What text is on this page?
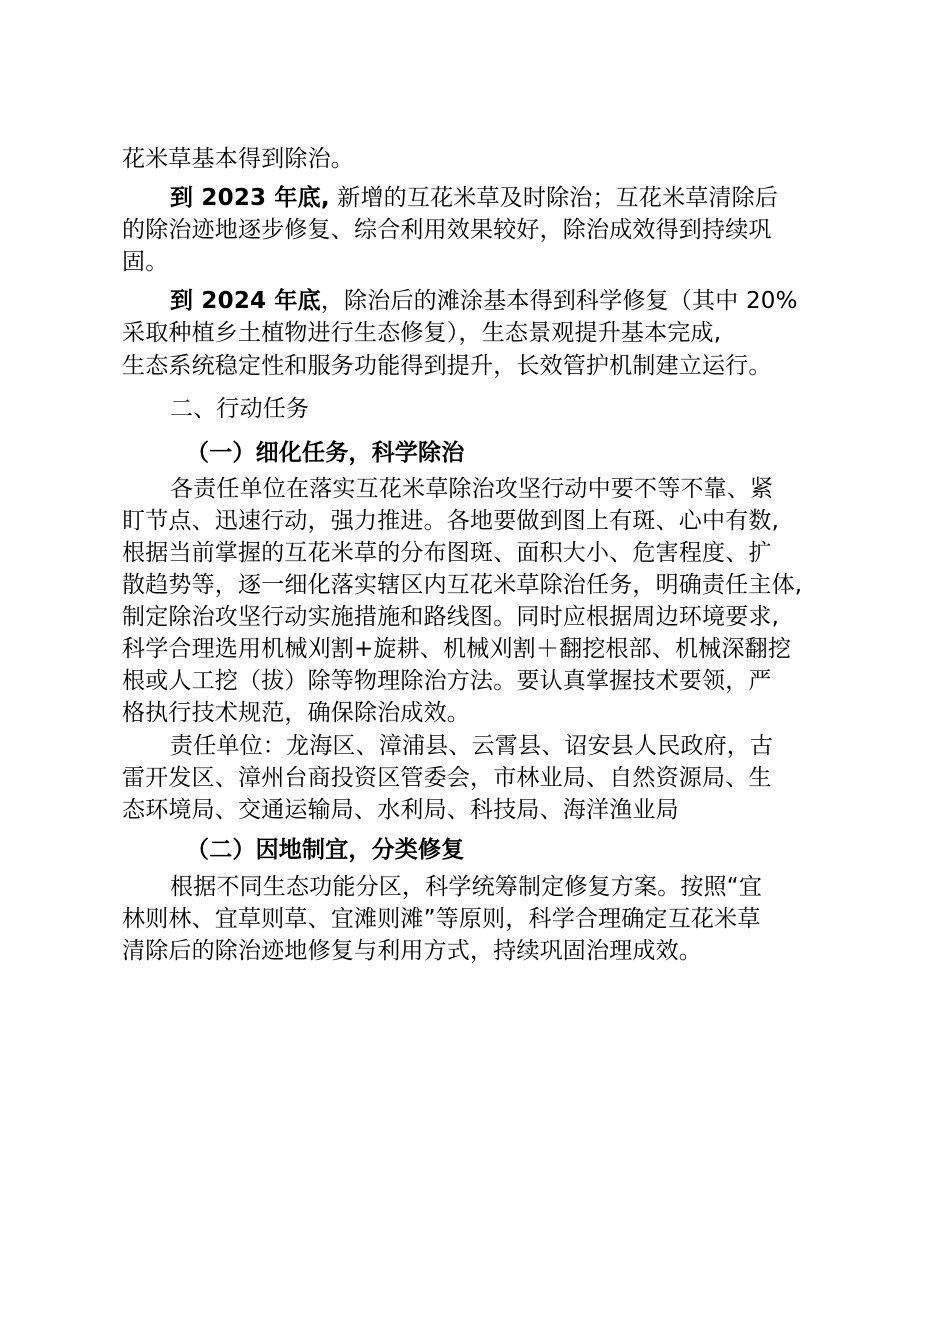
花米草基本得到除治。
到 2023 年底, 新增的互花米草及时除治；互花米草清除后
的除治迹地逐步修复、综合利用效果较好，除治成效得到持续巩
固。
到 2024 年底，除治后的滩涂基本得到科学修复（其中 20%
采取种植乡土植物进行生态修复），生态景观提升基本完成,
生态系统稳定性和服务功能得到提升，长效管护机制建立运行。
二、行动任务
（一）细化任务，科学除治
各责任单位在落实互花米草除治攻坚行动中要不等不靠、紧
盯节点、迅速行动，强力推进。各地要做到图上有斑、心中有数,
根据当前掌握的互花米草的分布图斑、面积大小、危害程度、扩
散趋势等，逐一细化落实辖区内互花米草除治任务，明确责任主体,
制定除治攻坚行动实施措施和路线图。同时应根据周边环境要求,
科学合理选用机械刈割+旋耕、机械刈割＋翻挖根部、机械深翻挖
根或人工挖（拔）除等物理除治方法。要认真掌握技术要领，严
格执行技术规范，确保除治成效。
责任单位：龙海区、漳浦县、云霄县、诏安县人民政府，古
雷开发区、漳州台商投资区管委会，市林业局、自然资源局、生
态环境局、交通运输局、水利局、科技局、海洋渔业局
（二）因地制宜，分类修复
根据不同生态功能分区，科学统筹制定修复方案。按照“宜
林则林、宜草则草、宜滩则滩”等原则，科学合理确定互花米草
清除后的除治迹地修复与利用方式，持续巩固治理成效。
